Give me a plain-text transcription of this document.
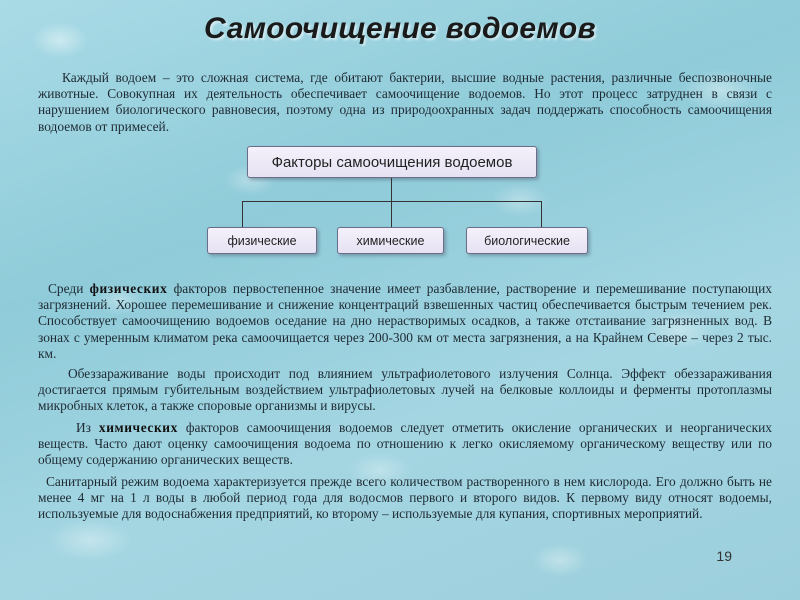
Самоочищение водоемов

Каждый водоем – это сложная система, где обитают бактерии, высшие водные растения, различные беспозвоночные животные. Совокупная их деятельность обеспечивает самоочищение водоемов. Но этот процесс затруднен в связи с нарушением биологического равновесия, поэтому одна из природоохранных задач поддержать способность самоочищения водоемов от примесей.

Факторы самоочищения водоемов
физические	химические	биологические

Среди физических факторов первостепенное значение имеет разбавление, растворение и перемешивание поступающих загрязнений. Хорошее перемешивание и снижение концентраций взвешенных частиц обеспечивается быстрым течением рек. Способствует самоочищению водоемов оседание на дно нерастворимых осадков, а также отстаивание загрязненных вод. В зонах с умеренным климатом река самоочищается через 200-300 км от места загрязнения, а на Крайнем Севере – через 2 тыс. км.

Обеззараживание воды происходит под влиянием ультрафиолетового излучения Солнца. Эффект обеззараживания достигается прямым губительным воздействием ультрафиолетовых лучей на белковые коллоиды и ферменты протоплазмы микробных клеток, а также споровые организмы и вирусы.

Из химических факторов самоочищения водоемов следует отметить окисление органических и неорганических веществ. Часто дают оценку самоочищения водоема по отношению к легко окисляемому органическому веществу или по общему содержанию органических веществ.

Санитарный режим водоема характеризуется прежде всего количеством растворенного в нем кислорода. Его должно быть не менее 4 мг на 1 л воды в любой период года для водосмов первого и второго видов. К первому виду относят водоемы, используемые для водоснабжения предприятий, ко второму – используемые для купания, спортивных мероприятий.

19
